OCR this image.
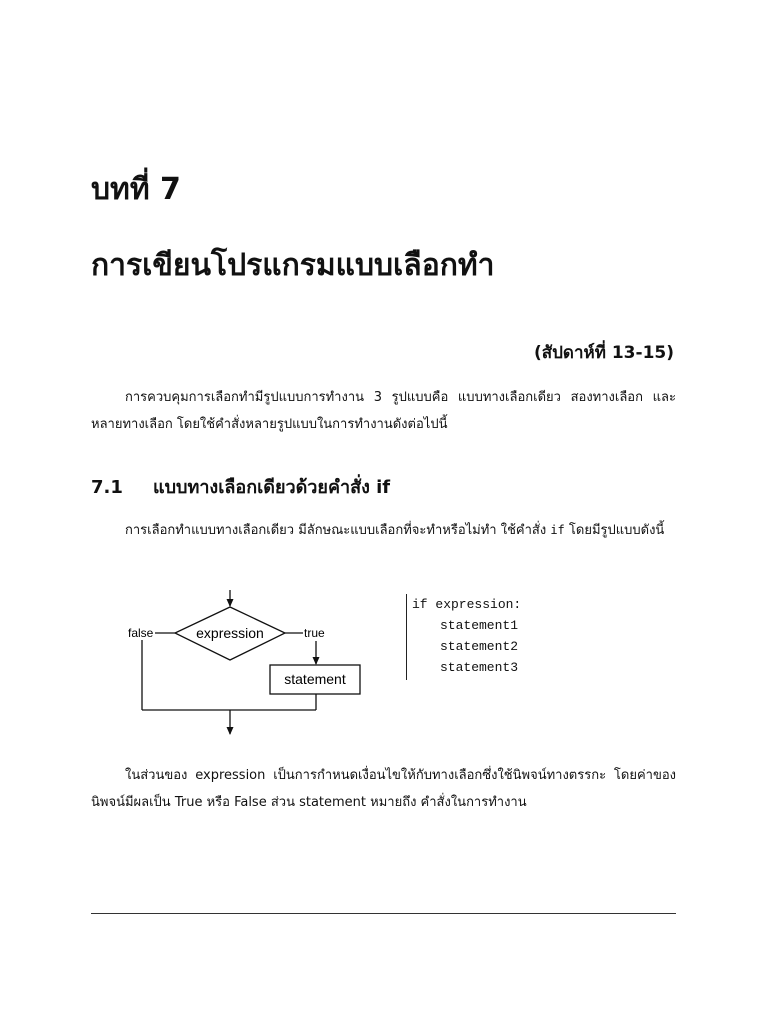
บทที่ 7
การเขียนโปรแกรมแบบเลือกทำ
(สัปดาห์ที่ 13-15)

การควบคุมการเลือกทำมีรูปแบบการทำงาน 3 รูปแบบคือ แบบทางเลือกเดียว สองทางเลือก และหลายทางเลือก โดยใช้คำสั่งหลายรูปแบบในการทำงานดังต่อไปนี้

7.1 แบบทางเลือกเดียวด้วยคำสั่ง if

การเลือกทำแบบทางเลือกเดียว มีลักษณะแบบเลือกที่จะทำหรือไม่ทำ ใช้คำสั่ง if โดยมีรูปแบบดังนี้

expression
false	true
statement
if expression:
statement1
statement2
statement3

ในส่วนของ expression เป็นการกำหนดเงื่อนไขให้กับทางเลือกซึ่งใช้นิพจน์ทางตรรกะ โดยค่าของนิพจน์มีผลเป็น True หรือ False ส่วน statement หมายถึง คำสั่งในการทำงาน
